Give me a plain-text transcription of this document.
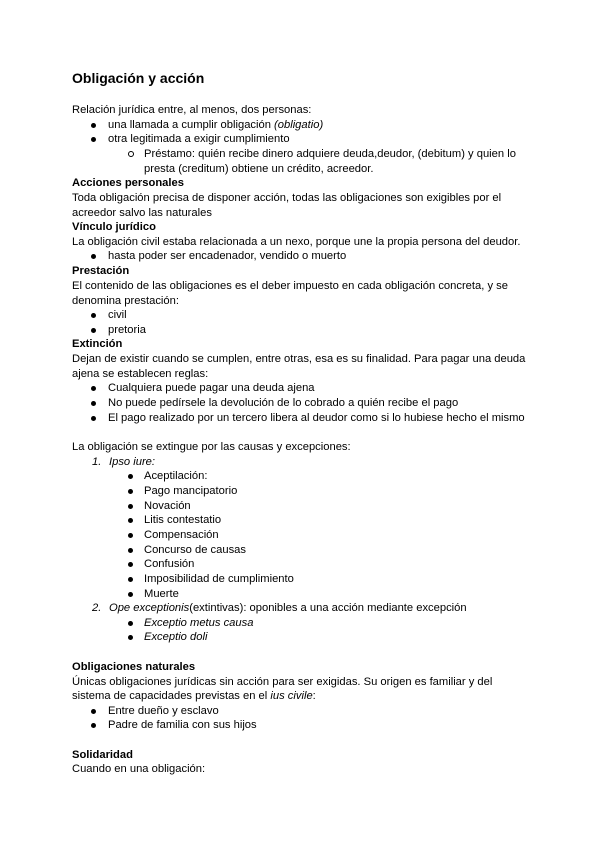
Obligación y acción
Relación jurídica entre, al menos, dos personas:
una llamada a cumplir obligación (obligatio)
otra legitimada a exigir cumplimiento
Préstamo: quién recibe dinero adquiere deuda,deudor, (debitum) y quien lo
presta (creditum) obtiene un crédito, acreedor.
Acciones personales
Toda obligación precisa de disponer acción, todas las obligaciones son exigibles por el
acreedor salvo las naturales
Vínculo jurídico
La obligación civil estaba relacionada a un nexo, porque une la propia persona del deudor.
hasta poder ser encadenador, vendido o muerto
Prestación
El contenido de las obligaciones es el deber impuesto en cada obligación concreta, y se
denomina prestación:
civil
pretoria
Extinción
Dejan de existir cuando se cumplen, entre otras, esa es su finalidad. Para pagar una deuda
ajena se establecen reglas:
Cualquiera puede pagar una deuda ajena
No puede pedírsele la devolución de lo cobrado a quién recibe el pago
El pago realizado por un tercero libera al deudor como si lo hubiese hecho el mismo
La obligación se extingue por las causas y excepciones:
1. Ipso iure:
Aceptilación:
Pago mancipatorio
Novación
Litis contestatio
Compensación
Concurso de causas
Confusión
Imposibilidad de cumplimiento
Muerte
2. Ope exceptionis(extintivas): oponibles a una acción mediante excepción
Exceptio metus causa
Exceptio doli
Obligaciones naturales
Únicas obligaciones jurídicas sin acción para ser exigidas. Su origen es familiar y del
sistema de capacidades previstas en el ius civile:
Entre dueño y esclavo
Padre de familia con sus hijos
Solidaridad
Cuando en una obligación:
